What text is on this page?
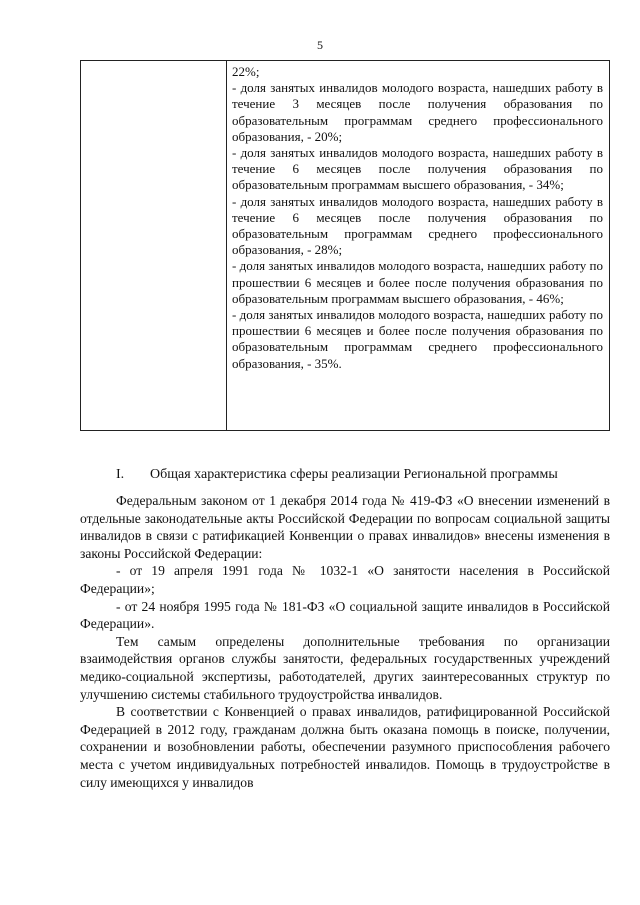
5

22%;

- доля занятых инвалидов молодого возраста, нашедших работу в течение 3 месяцев после получения образования по образовательным программам среднего профессионального образования, - 20%;

- доля занятых инвалидов молодого возраста, нашедших работу в течение 6 месяцев после получения образования по образовательным программам высшего образования, - 34%;

- доля занятых инвалидов молодого возраста, нашедших работу в течение 6 месяцев после получения образования по образовательным программам среднего профессионального образования, - 28%;

- доля занятых инвалидов молодого возраста, нашедших работу по прошествии 6 месяцев и более после получения образования по образовательным программам высшего образования, - 46%;

- доля занятых инвалидов молодого возраста, нашедших работу по прошествии 6 месяцев и более после получения образования по образовательным программам среднего профессионального образования, - 35%.

I. Общая характеристика сферы реализации Региональной программы

Федеральным законом от 1 декабря 2014 года № 419-ФЗ «О внесении изменений в отдельные законодательные акты Российской Федерации по вопросам социальной защиты инвалидов в связи с ратификацией Конвенции о правах инвалидов» внесены изменения в законы Российской Федерации:

- от 19 апреля 1991 года № 1032-1 «О занятости населения в Российской Федерации»;

- от 24 ноября 1995 года № 181-ФЗ «О социальной защите инвалидов в Российской Федерации».

Тем самым определены дополнительные требования по организации взаимодействия органов службы занятости, федеральных государственных учреждений медико-социальной экспертизы, работодателей, других заинтересованных структур по улучшению системы стабильного трудоустройства инвалидов.

В соответствии с Конвенцией о правах инвалидов, ратифицированной Российской Федерацией в 2012 году, гражданам должна быть оказана помощь в поиске, получении, сохранении и возобновлении работы, обеспечении разумного приспособления рабочего места с учетом индивидуальных потребностей инвалидов. Помощь в трудоустройстве в силу имеющихся у инвалидов
